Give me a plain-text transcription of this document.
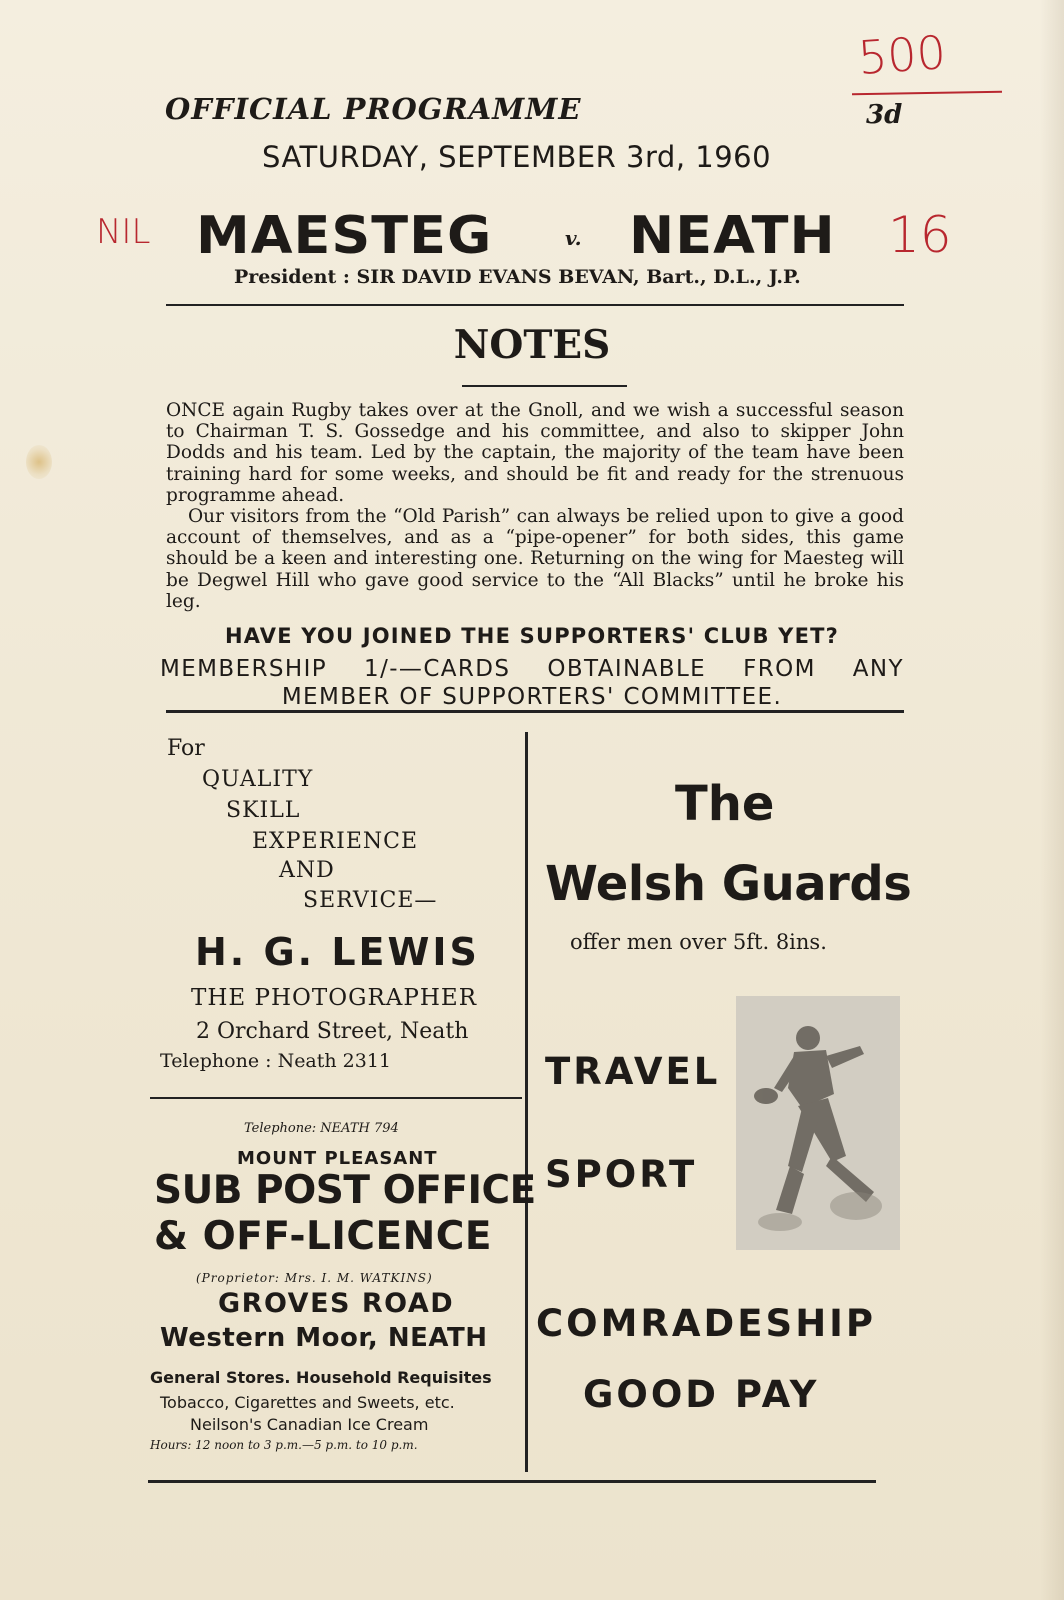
OFFICIAL PROGRAMME
500
3d
SATURDAY, SEPTEMBER 3rd, 1960
NIL MAESTEG	v. NEATH 16
President : SIR DAVID EVANS BEVAN, Bart., D.L., J.P.
NOTES

ONCE again Rugby takes over at the Gnoll, and we wish a successful season to Chairman T. S. Gossedge and his committee, and also to skipper John Dodds and his team. Led by the captain, the majority of the team have been training hard for some weeks, and should be fit and ready for the strenuous programme ahead.

Our visitors from the “Old Parish” can always be relied upon to give a good account of themselves, and as a “pipe-opener” for both sides, this game should be a keen and interesting one. Returning on the wing for Maesteg will be Degwel Hill who gave good service to the “All Blacks” until he broke his leg.

HAVE YOU JOINED THE SUPPORTERS' CLUB YET?
MEMBERSHIP 1/-—CARDS OBTAINABLE FROM ANY
MEMBER OF SUPPORTERS' COMMITTEE.
For
QUALITY
SKILL
EXPERIENCE
AND
SERVICE—
H. G. LEWIS
THE PHOTOGRAPHER
2 Orchard Street, Neath
Telephone : Neath 2311
Telephone: NEATH 794
MOUNT PLEASANT
SUB POST OFFICE
& OFF-LICENCE
(Proprietor: Mrs. I. M. WATKINS)
GROVES ROAD
Western Moor, NEATH
General Stores. Household Requisites
Tobacco, Cigarettes and Sweets, etc.
Neilson's Canadian Ice Cream
Hours: 12 noon to 3 p.m.—5 p.m. to 10 p.m.
The
Welsh Guards
offer men over 5ft. 8ins.
TRAVEL
SPORT
COMRADESHIP
GOOD PAY
